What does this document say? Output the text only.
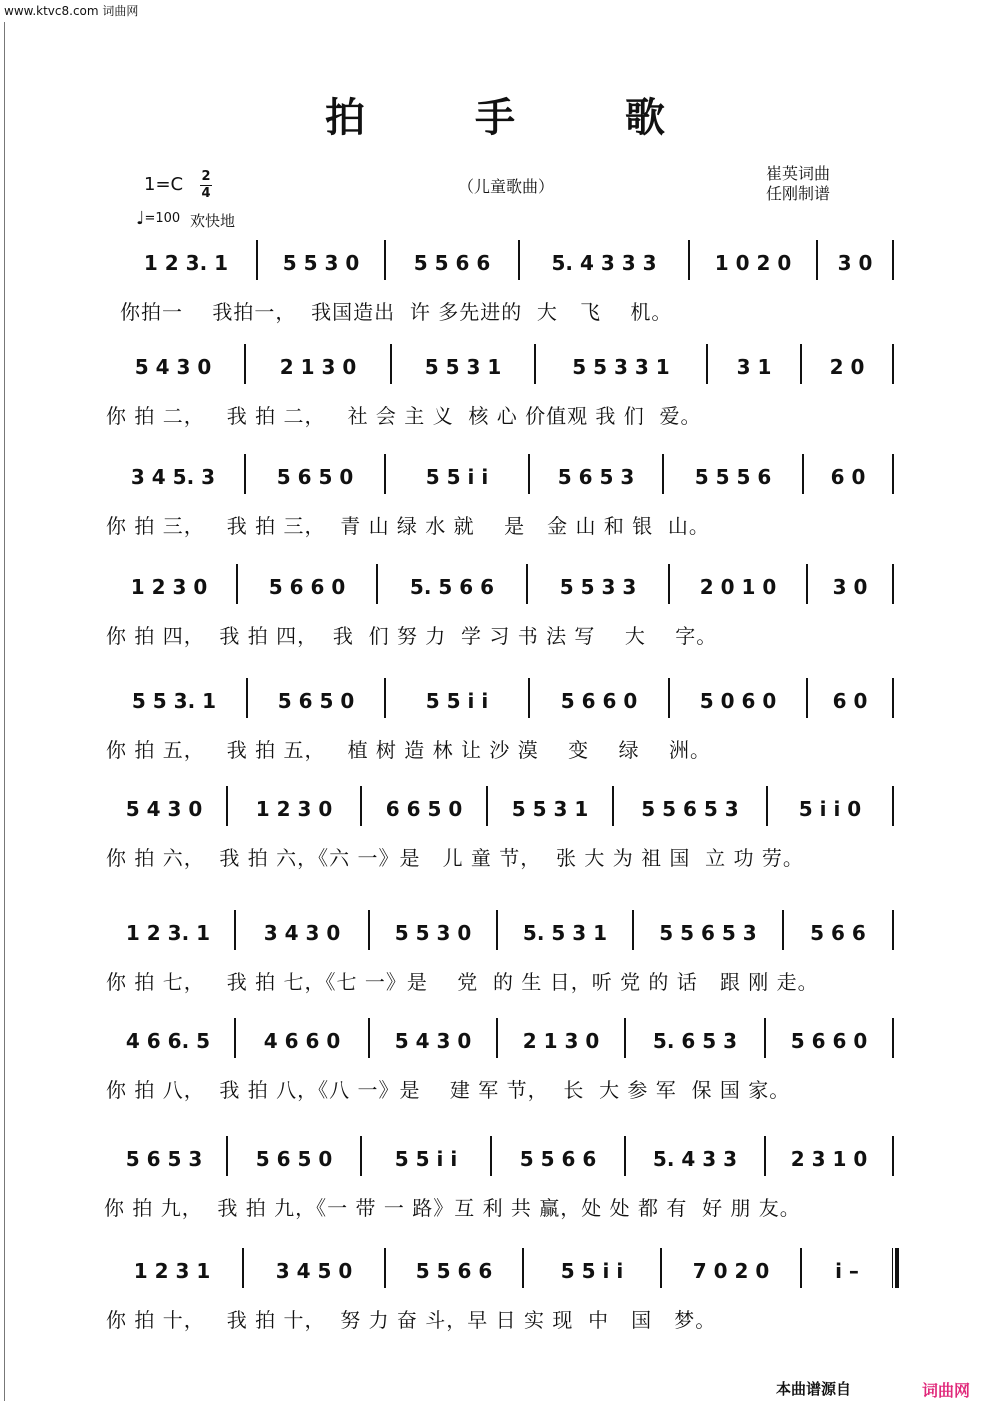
www.ktvc8.com 词曲网
拍 手 歌
1=C 2
4
♩=100 欢快地
（儿童歌曲）
崔英词曲
任刚制谱
1 2 3. 1	5 5 3 0	5 5 6 6	5. 4 3 3 3	1 0 2 0	3 0
你拍一    我拍一，  我国造出  许 多先进的  大   飞    机。
5 4 3 0	2 1 3 0	5 5 3 1	5 5 3 3 1	3 1	2 0
你 拍 二，   我 拍 二，   社 会 主 义  核 心 价值观 我 们  爱。
3 4 5. 3	5 6 5 0	5 5 i i	5 6 5 3	5 5 5 6	6 0
你 拍 三，   我 拍 三，  青 山 绿 水 就    是   金 山 和 银  山。
1 2 3 0	5 6 6 0	5. 5 6 6	5 5 3 3	2 0 1 0	3 0
你 拍 四，  我 拍 四，  我  们 努 力  学 习 书 法 写    大    字。
5 5 3. 1	5 6 5 0	5 5 i i	5 6 6 0	5 0 6 0	6 0
你 拍 五，   我 拍 五，   植 树 造 林 让 沙 漠    变    绿    洲。
5 4 3 0	1 2 3 0	6 6 5 0	5 5 3 1	5 5 6 5 3	5 i i 0
你 拍 六，  我 拍 六，《六 一》是   儿 童 节，  张 大 为 祖 国  立 功 劳。
1 2 3. 1	3 4 3 0	5 5 3 0	5. 5 3 1	5 5 6 5 3	5 6 6
你 拍 七，   我 拍 七，《七 一》是    党  的 生 日，听 党 的 话   跟 刚 走。
4 6 6. 5	4 6 6 0	5 4 3 0	2 1 3 0	5. 6 5 3	5 6 6 0
你 拍 八，  我 拍 八，《八 一》是    建 军 节，  长  大 参 军  保 国 家。
5 6 5 3	5 6 5 0	5 5 i i	5 5 6 6	5. 4 3 3	2 3 1 0
你 拍 九，  我 拍 九，《一 带 一 路》互 利 共 赢，处 处 都 有  好 朋 友。
1 2 3 1	3 4 5 0	5 5 6 6	5 5 i i	7 0 2 0	i –
你 拍 十，   我 拍 十，  努 力 奋 斗，早 日 实 现  中   国   梦。
本曲谱源自	词曲网
